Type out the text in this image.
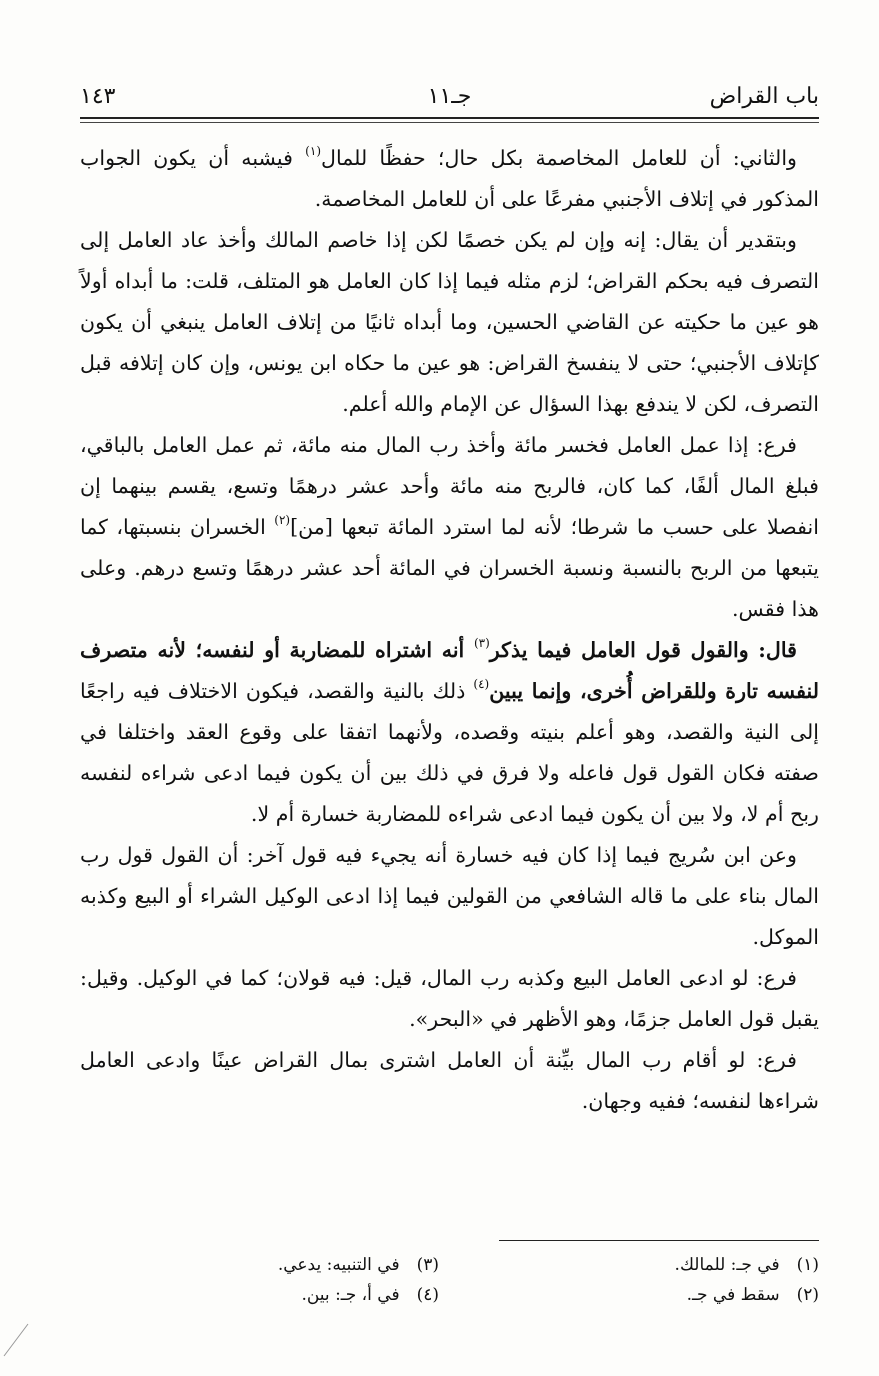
باب القراض
جـ١١
١٤٣

والثاني: أن للعامل المخاصمة بكل حال؛ حفظًا للمال$^{(١)}$ فيشبه أن يكون الجواب المذكور في إتلاف الأجنبي مفرعًا على أن للعامل المخاصمة.

وبتقدير أن يقال: إنه وإن لم يكن خصمًا لكن إذا خاصم المالك وأخذ عاد العامل إلى التصرف فيه بحكم القراض؛ لزم مثله فيما إذا كان العامل هو المتلف، قلت: ما أبداه أولاً هو عين ما حكيته عن القاضي الحسين، وما أبداه ثانيًا من إتلاف العامل ينبغي أن يكون كإتلاف الأجنبي؛ حتى لا ينفسخ القراض: هو عين ما حكاه ابن يونس، وإن كان إتلافه قبل التصرف، لكن لا يندفع بهذا السؤال عن الإمام والله أعلم.

فرع: إذا عمل العامل فخسر مائة وأخذ رب المال منه مائة، ثم عمل العامل بالباقي، فبلغ المال ألفًا، كما كان، فالربح منه مائة وأحد عشر درهمًا وتسع، يقسم بينهما إن انفصلا على حسب ما شرطا؛ لأنه لما استرد المائة تبعها [من]$^{(٢)}$ الخسران بنسبتها، كما يتبعها من الربح بالنسبة ونسبة الخسران في المائة أحد عشر درهمًا وتسع درهم. وعلى هذا فقس.

قال: والقول قول العامل فيما يذكر$^{(٣)}$ أنه اشتراه للمضاربة أو لنفسه؛ لأنه متصرف لنفسه تارة وللقراض أُخرى، وإنما يبين$^{(٤)}$ ذلك بالنية والقصد، فيكون الاختلاف فيه راجعًا إلى النية والقصد، وهو أعلم بنيته وقصده، ولأنهما اتفقا على وقوع العقد واختلفا في صفته فكان القول قول فاعله ولا فرق في ذلك بين أن يكون فيما ادعى شراءه لنفسه ربح أم لا، ولا بين أن يكون فيما ادعى شراءه للمضاربة خسارة أم لا.

وعن ابن سُريج فيما إذا كان فيه خسارة أنه يجيء فيه قول آخر: أن القول قول رب المال بناء على ما قاله الشافعي من القولين فيما إذا ادعى الوكيل الشراء أو البيع وكذبه الموكل.

فرع: لو ادعى العامل البيع وكذبه رب المال، قيل: فيه قولان؛ كما في الوكيل. وقيل: يقبل قول العامل جزمًا، وهو الأظهر في «البحر».

فرع: لو أقام رب المال بيِّنة أن العامل اشترى بمال القراض عينًا وادعى العامل شراءها لنفسه؛ ففيه وجهان.

(١) في جـ: للمالك.
(٢) سقط في جـ.
(٣) في التنبيه: يدعي.
(٤) في أ، جـ: بين.
